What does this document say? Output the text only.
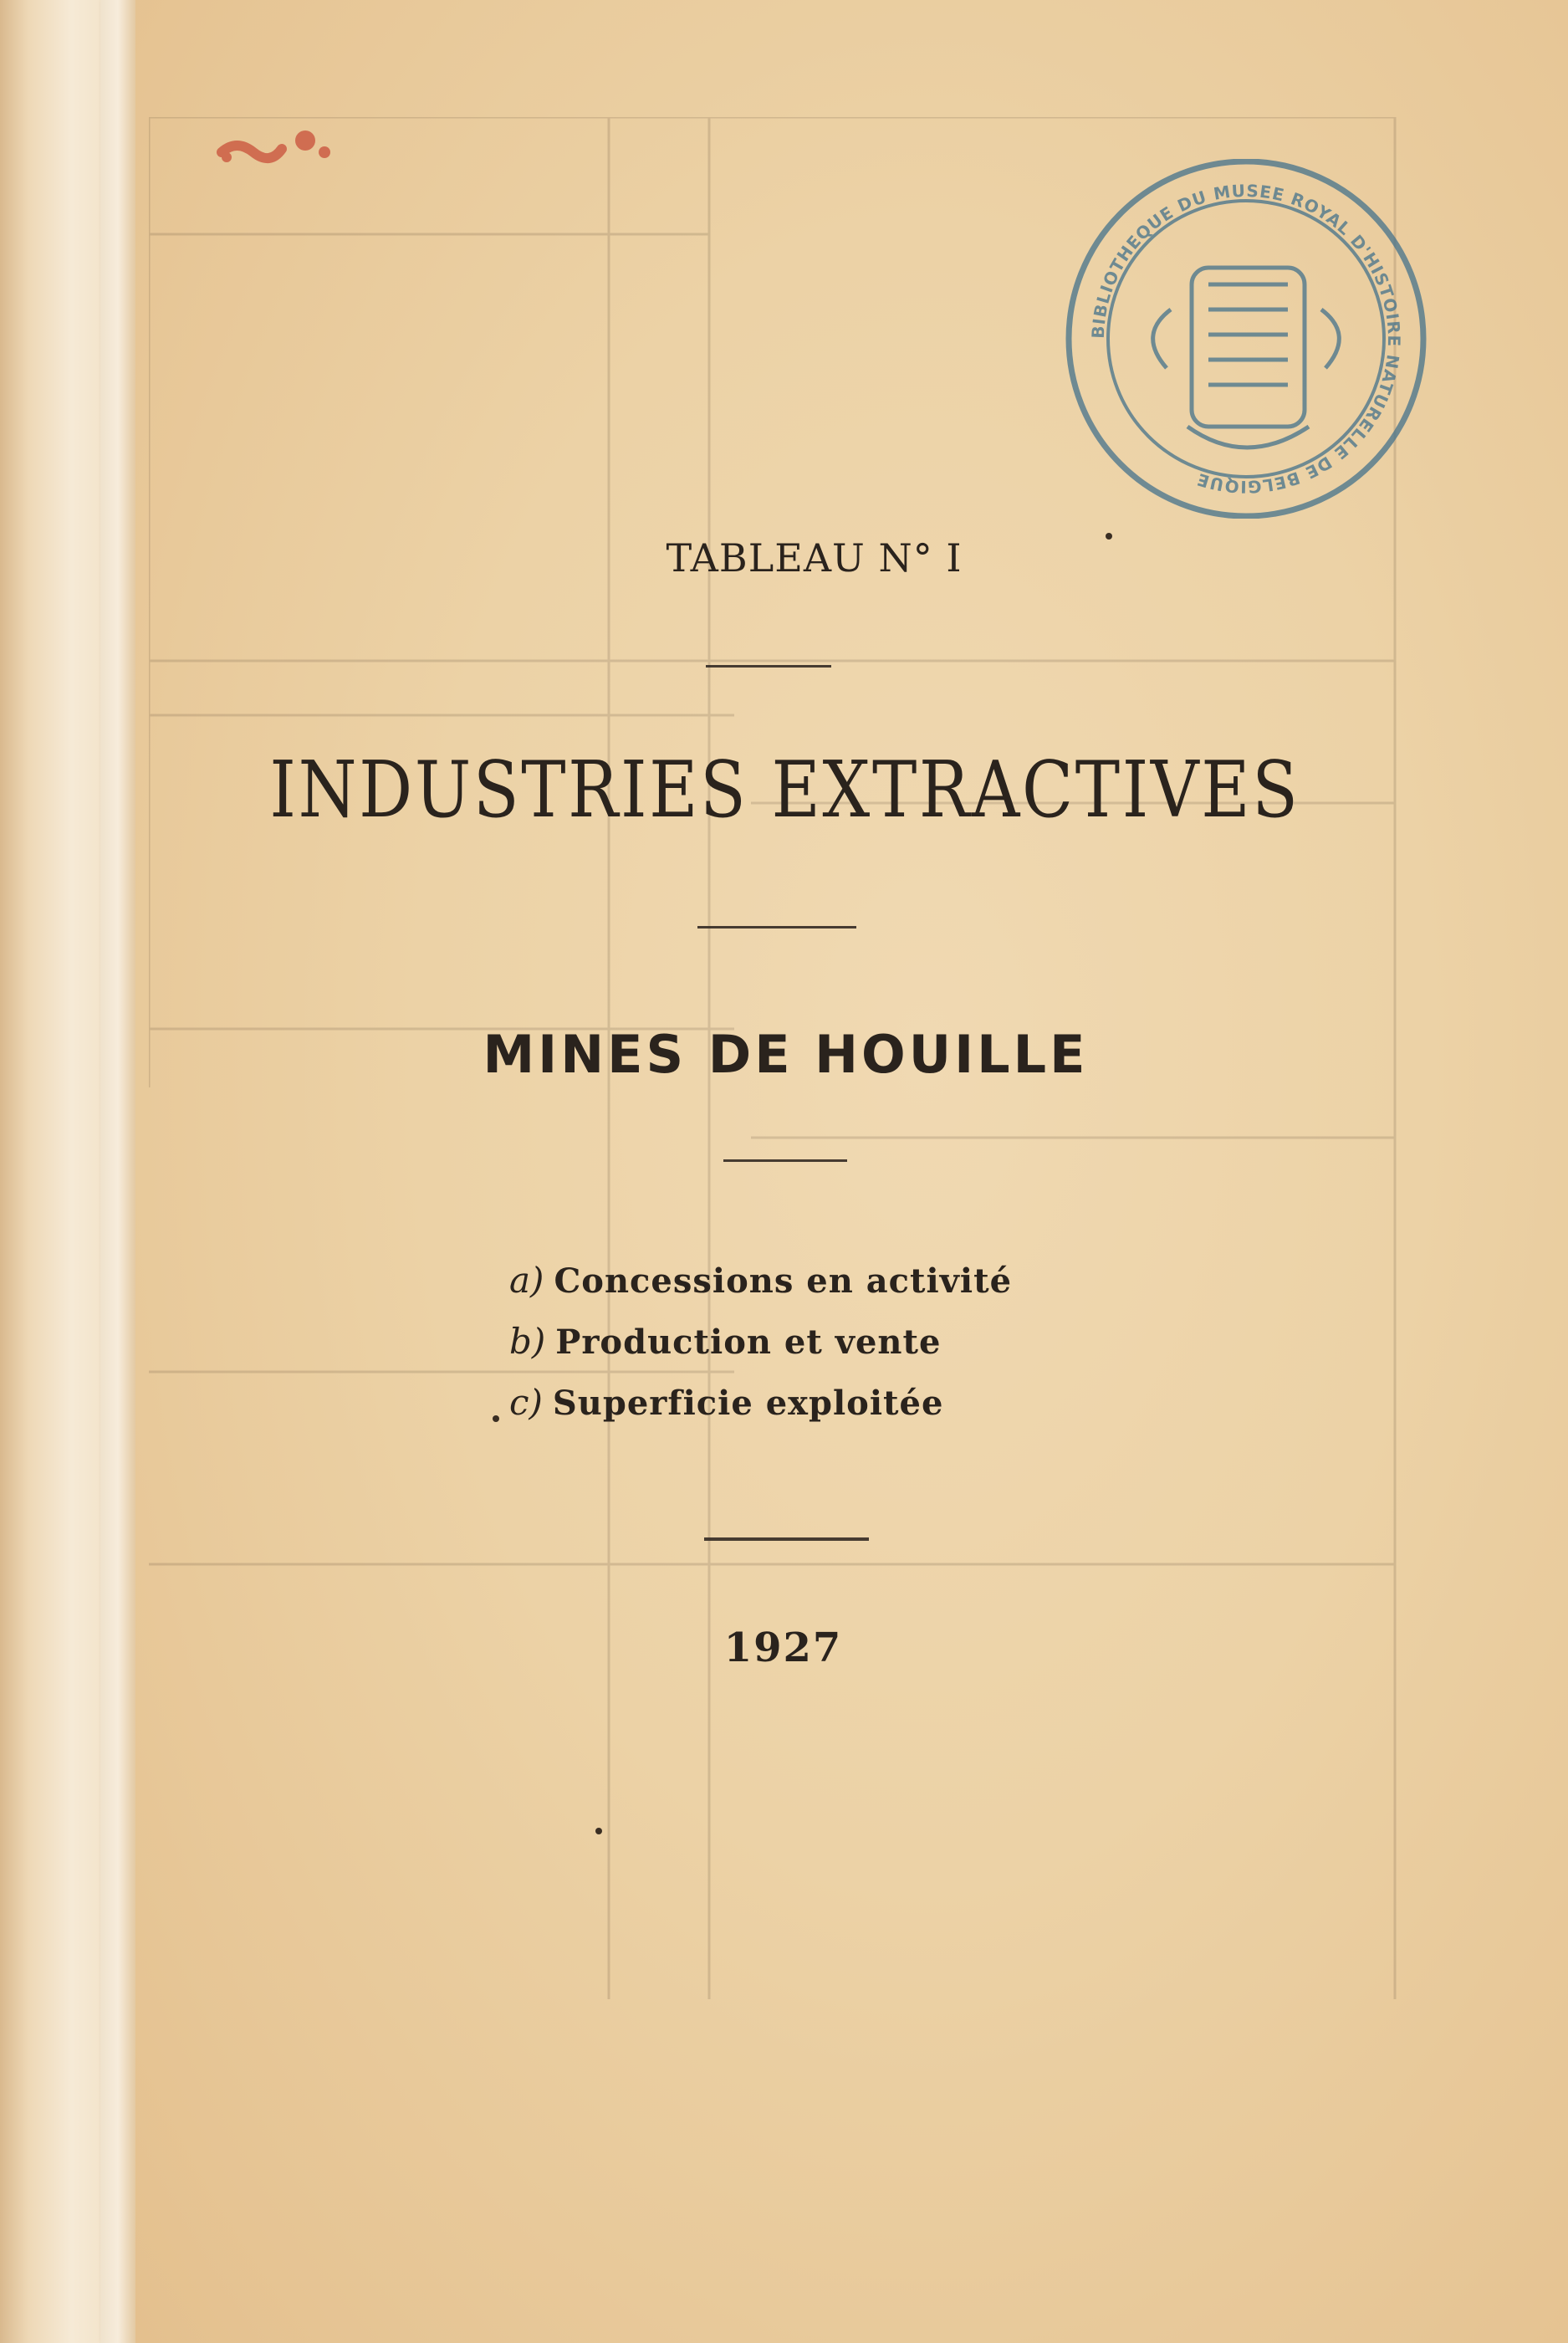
BIBLIOTHEQUE DU MUSEE ROYAL D'HISTOIRE NATURELLE DE BELGIQUE
TABLEAU N° I
INDUSTRIES EXTRACTIVES
MINES DE HOUILLE
a) Concessions en activité
b) Production et vente
c) Superficie exploitée
1927
